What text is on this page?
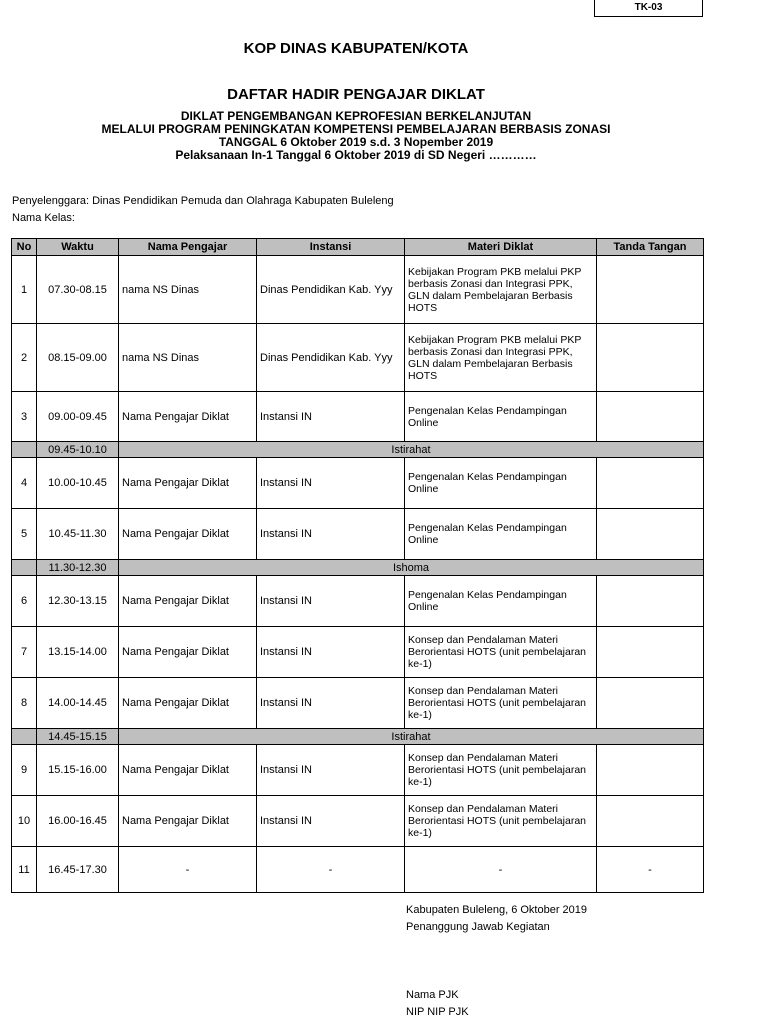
TK-03
KOP DINAS KABUPATEN/KOTA
DAFTAR HADIR PENGAJAR DIKLAT
DIKLAT PENGEMBANGAN KEPROFESIAN BERKELANJUTAN
MELALUI PROGRAM PENINGKATAN KOMPETENSI PEMBELAJARAN BERBASIS ZONASI
TANGGAL 6 Oktober 2019 s.d. 3 Nopember 2019
Pelaksanaan In-1 Tanggal 6 Oktober 2019 di SD Negeri …………
Penyelenggara: Dinas Pendidikan Pemuda dan Olahraga Kabupaten Buleleng
Nama Kelas:
No	Waktu	Nama Pengajar	Instansi	Materi Diklat	Tanda Tangan
1	07.30-08.15	nama NS Dinas	Dinas Pendidikan Kab. Yyy	Kebijakan Program PKB melalui PKP berbasis Zonasi dan Integrasi PPK, GLN dalam Pembelajaran Berbasis HOTS	
2	08.15-09.00	nama NS Dinas	Dinas Pendidikan Kab. Yyy	Kebijakan Program PKB melalui PKP berbasis Zonasi dan Integrasi PPK, GLN dalam Pembelajaran Berbasis HOTS	
3	09.00-09.45	Nama Pengajar Diklat	Instansi IN	Pengenalan Kelas Pendampingan Online	
	09.45-10.10	Istirahat			
4	10.00-10.45	Nama Pengajar Diklat	Instansi IN	Pengenalan Kelas Pendampingan Online	
5	10.45-11.30	Nama Pengajar Diklat	Instansi IN	Pengenalan Kelas Pendampingan Online	
	11.30-12.30	Ishoma			
6	12.30-13.15	Nama Pengajar Diklat	Instansi IN	Pengenalan Kelas Pendampingan Online	
7	13.15-14.00	Nama Pengajar Diklat	Instansi IN	Konsep dan Pendalaman Materi Berorientasi HOTS (unit pembelajaran ke-1)	
8	14.00-14.45	Nama Pengajar Diklat	Instansi IN	Konsep dan Pendalaman Materi Berorientasi HOTS (unit pembelajaran ke-1)	
	14.45-15.15	Istirahat			
9	15.15-16.00	Nama Pengajar Diklat	Instansi IN	Konsep dan Pendalaman Materi Berorientasi HOTS (unit pembelajaran ke-1)	
10	16.00-16.45	Nama Pengajar Diklat	Instansi IN	Konsep dan Pendalaman Materi Berorientasi HOTS (unit pembelajaran ke-1)	
11	16.45-17.30	-	-	-	-
Kabupaten Buleleng, 6 Oktober 2019
Penanggung Jawab Kegiatan
Nama PJK
NIP NIP PJK
